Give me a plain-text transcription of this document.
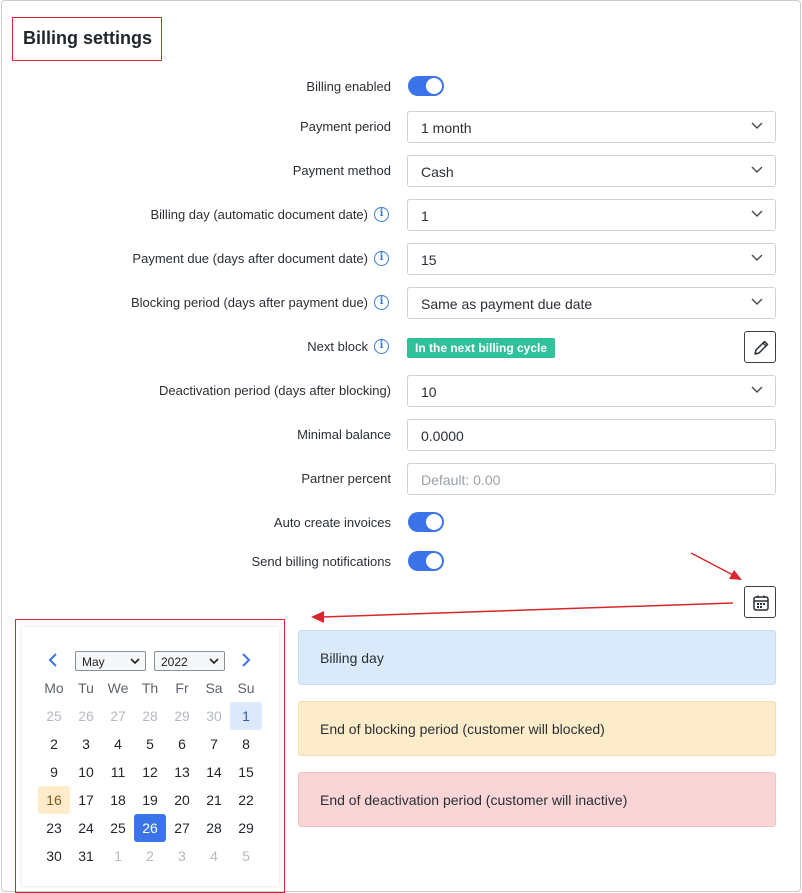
Billing settings
Billing enabled
Payment period 1 month
Payment method Cash
Billing day (automatic document date)	i	1
Payment due (days after document date)	i	15
Blocking period (days after payment due)	i	Same as payment due date
Next block	i	In the next billing cycle
Deactivation period (days after blocking) 10
Minimal balance 0.0000
Partner percent Default: 0.00
Auto create invoices
Send billing notifications
May	2022
Mo	Tu We Th	Fr	Sa	Su
25	26	27	28	29	30	1
2	3	4	5	6	7	8
9	10	11	12	13	14	15
16	17	18	19	20	21	22
23	24	25	26	27	28	29
30	31	1	2	3	4	5
Billing day
End of blocking period (customer will blocked)
End of deactivation period (customer will inactive)
